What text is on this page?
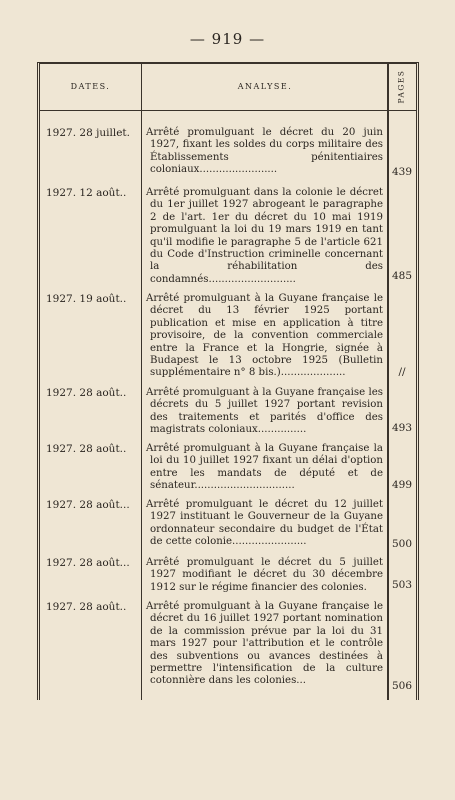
— 919 —
DATES.	ANALYSE.	PAGES
1927. 28 juillet.	Arrêté promulguant le décret du 20 juin 1927, fixant les soldes du corps militaire des Établissements pénitentiaires coloniaux........................	439
1927. 12 août..	Arrêté promulguant dans la colonie le décret du 1er juillet 1927 abrogeant le paragraphe 2 de l'art. 1er du décret du 10 mai 1919 promulguant la loi du 19 mars 1919 en tant qu'il modifie le paragraphe 5 de l'article 621 du Code d'Instruction criminelle concernant la réhabilitation des condamnés...........................	485
1927. 19 août..	Arrêté promulguant à la Guyane française le décret du 13 février 1925 portant publication et mise en application à titre provisoire, de la convention commerciale entre la France et la Hongrie, signée à Budapest le 13 octobre 1925 (Bulletin supplémentaire n° 8 bis.)....................	//
1927. 28 août..	Arrêté promulguant à la Guyane française les décrets du 5 juillet 1927 portant revision des traitements et parités d'office des magistrats coloniaux...............	493
1927. 28 août..	Arrêté promulguant à la Guyane française la loi du 10 juillet 1927 fixant un délai d'option entre les mandats de député et de sénateur...............................	499
1927. 28 août...	Arrêté promulguant le décret du 12 juillet 1927 instituant le Gouverneur de la Guyane ordonnateur secondaire du budget de l'État de cette colonie.......................	500
1927. 28 août...	Arrêté promulguant le décret du 5 juillet 1927 modifiant le décret du 30 décembre 1912 sur le régime financier des colonies.	503
1927. 28 août..	Arrêté promulguant à la Guyane française le décret du 16 juillet 1927 portant nomination de la commission prévue par la loi du 31 mars 1927 pour l'attribution et le contrôle des subventions ou avances destinées à permettre l'intensification de la culture cotonnière dans les colonies...	506
